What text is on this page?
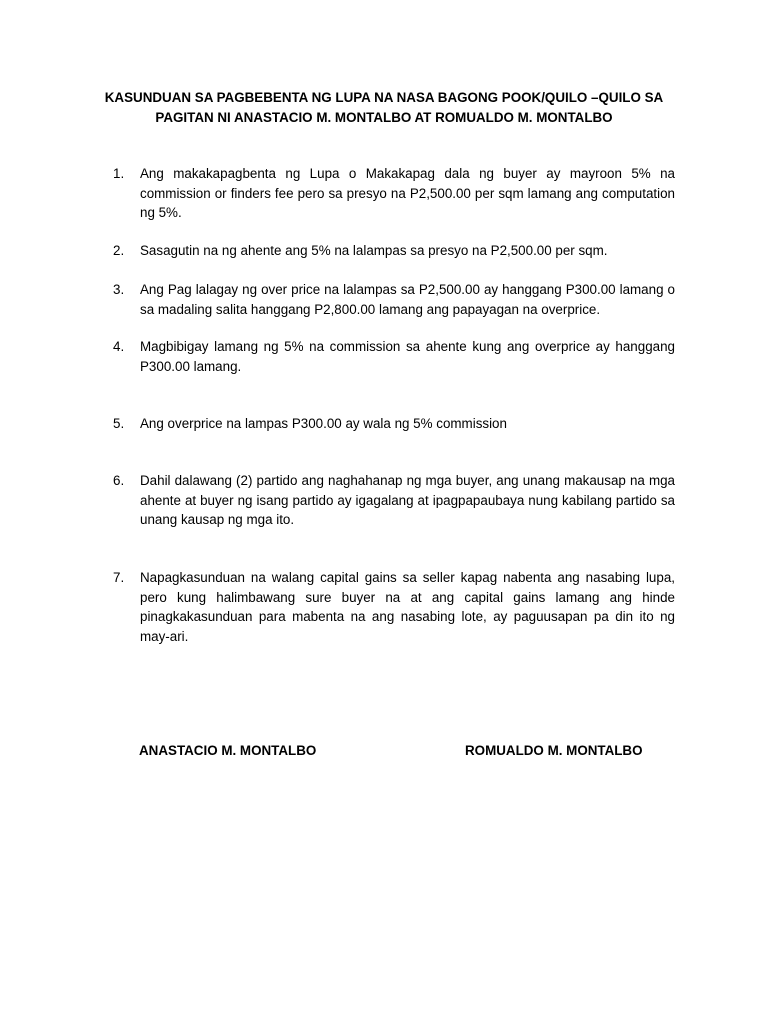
KASUNDUAN SA PAGBEBENTA NG LUPA NA NASA BAGONG POOK/QUILO –QUILO SA
PAGITAN NI ANASTACIO M. MONTALBO AT ROMUALDO M. MONTALBO
1.	Ang makakapagbenta ng Lupa o Makakapag dala ng buyer ay mayroon 5% na commission or finders fee pero sa presyo na P2,500.00 per sqm lamang ang computation ng 5%.
2.	Sasagutin na ng ahente ang 5% na lalampas sa presyo na P2,500.00 per sqm.
3.	Ang Pag lalagay ng over price na lalampas sa P2,500.00 ay hanggang P300.00 lamang o sa madaling salita hanggang P2,800.00 lamang ang papayagan na overprice.
4.	Magbibigay lamang ng 5% na commission sa ahente kung ang overprice ay hanggang P300.00 lamang.
5.	Ang overprice na lampas P300.00 ay wala ng 5% commission
6.	Dahil dalawang (2) partido ang naghahanap ng mga buyer, ang unang makausap na mga ahente at buyer ng isang partido ay igagalang at ipagpapaubaya nung kabilang partido sa unang kausap ng mga ito.
7.	Napagkasunduan na walang capital gains sa seller kapag nabenta ang nasabing lupa, pero kung halimbawang sure buyer na at ang capital gains lamang ang hinde pinagkakasunduan para mabenta na ang nasabing lote, ay paguusapan pa din ito ng may-ari.
ANASTACIO M. MONTALBO	ROMUALDO M. MONTALBO
